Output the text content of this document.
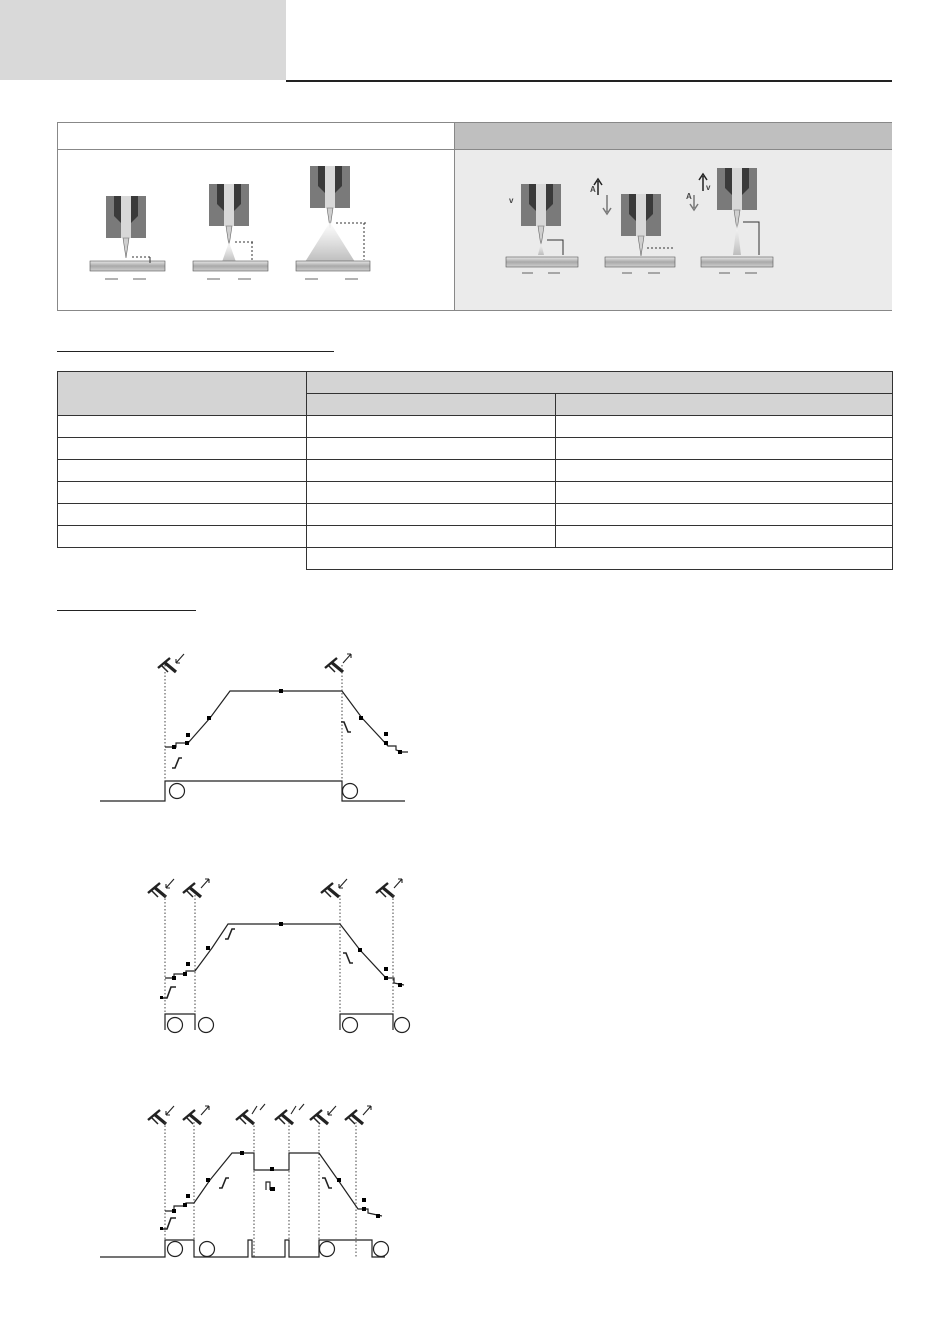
v
A
A
v
